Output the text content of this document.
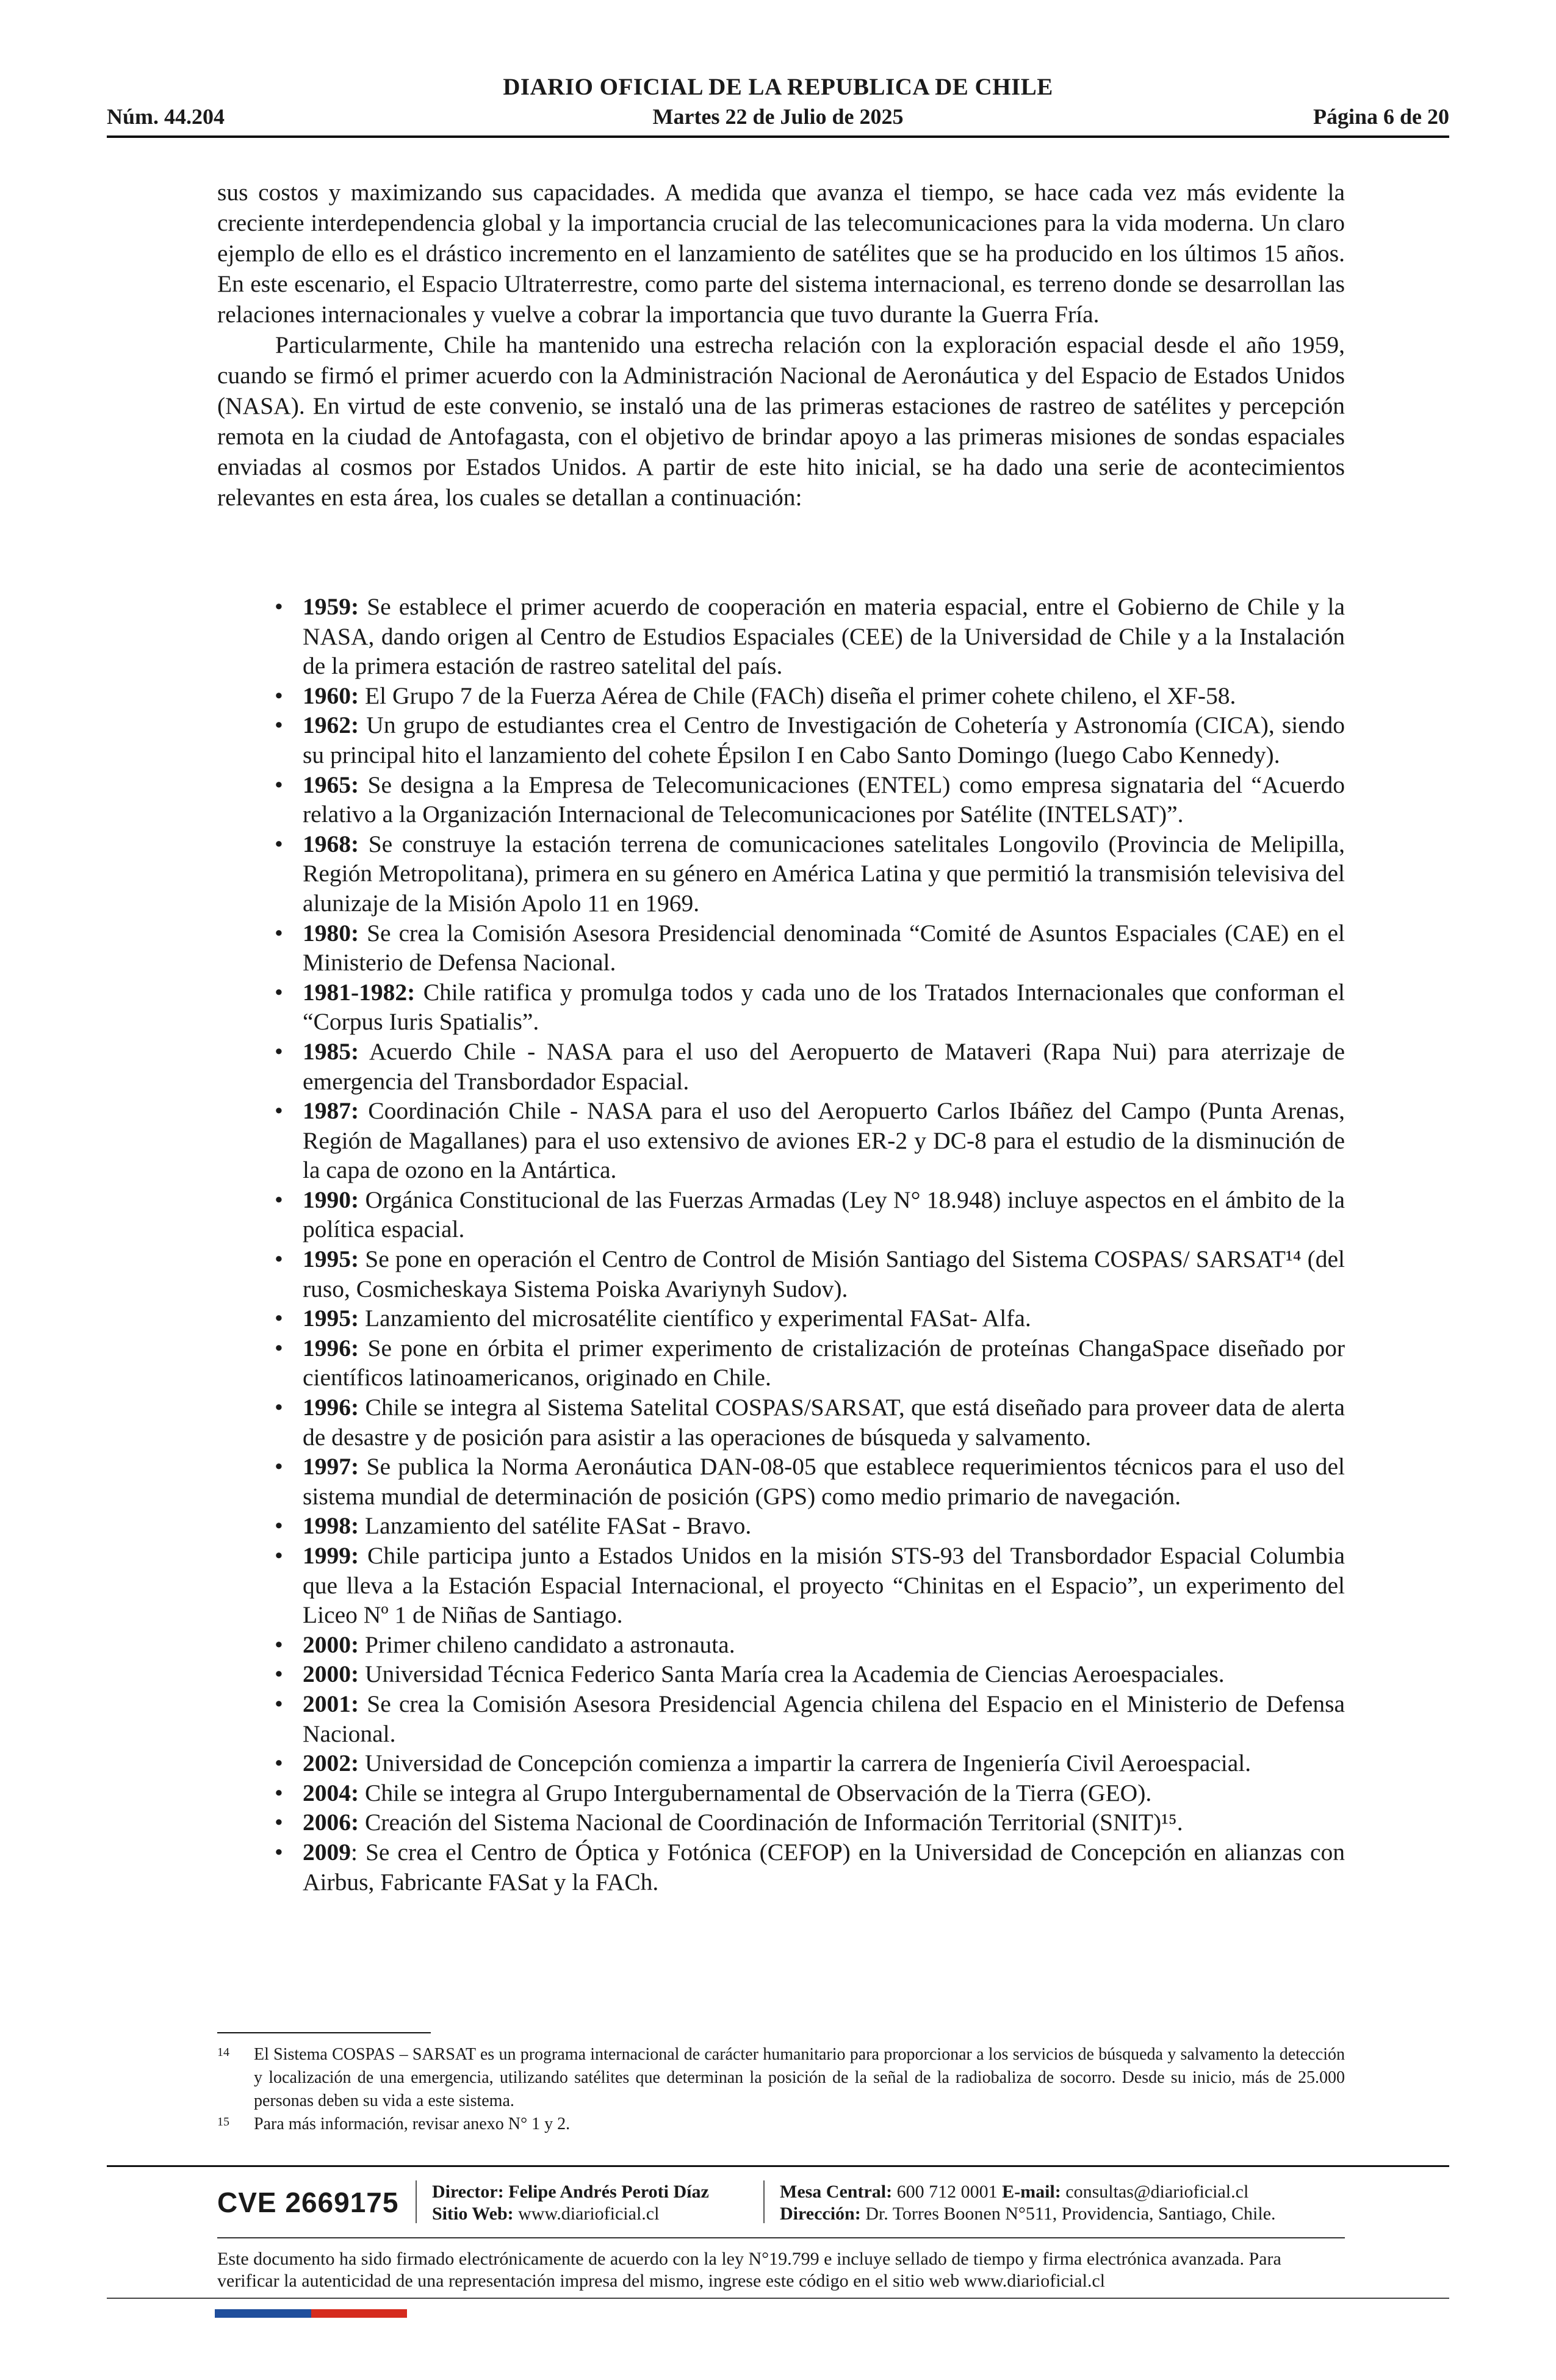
DIARIO OFICIAL DE LA REPUBLICA DE CHILE
Núm. 44.204	Martes 22 de Julio de 2025	Página 6 de 20

sus costos y maximizando sus capacidades. A medida que avanza el tiempo, se hace cada vez más evidente la creciente interdependencia global y la importancia crucial de las telecomunicaciones para la vida moderna. Un claro ejemplo de ello es el drástico incremento en el lanzamiento de satélites que se ha producido en los últimos 15 años. En este escenario, el Espacio Ultraterrestre, como parte del sistema internacional, es terreno donde se desarrollan las relaciones internacionales y vuelve a cobrar la importancia que tuvo durante la Guerra Fría.

Particularmente, Chile ha mantenido una estrecha relación con la exploración espacial desde el año 1959, cuando se firmó el primer acuerdo con la Administración Nacional de Aeronáutica y del Espacio de Estados Unidos (NASA). En virtud de este convenio, se instaló una de las primeras estaciones de rastreo de satélites y percepción remota en la ciudad de Antofagasta, con el objetivo de brindar apoyo a las primeras misiones de sondas espaciales enviadas al cosmos por Estados Unidos. A partir de este hito inicial, se ha dado una serie de acontecimientos relevantes en esta área, los cuales se detallan a continuación:

• 1959: Se establece el primer acuerdo de cooperación en materia espacial, entre el Gobierno de Chile y la NASA, dando origen al Centro de Estudios Espaciales (CEE) de la Universidad de Chile y a la Instalación de la primera estación de rastreo satelital del país.
• 1960: El Grupo 7 de la Fuerza Aérea de Chile (FACh) diseña el primer cohete chileno, el XF-58.
• 1962: Un grupo de estudiantes crea el Centro de Investigación de Cohetería y Astronomía (CICA), siendo su principal hito el lanzamiento del cohete Épsilon I en Cabo Santo Domingo (luego Cabo Kennedy).
• 1965: Se designa a la Empresa de Telecomunicaciones (ENTEL) como empresa signataria del “Acuerdo relativo a la Organización Internacional de Telecomunicaciones por Satélite (INTELSAT)”.
• 1968: Se construye la estación terrena de comunicaciones satelitales Longovilo (Provincia de Melipilla, Región Metropolitana), primera en su género en América Latina y que permitió la transmisión televisiva del alunizaje de la Misión Apolo 11 en 1969.
• 1980: Se crea la Comisión Asesora Presidencial denominada “Comité de Asuntos Espaciales (CAE) en el Ministerio de Defensa Nacional.
• 1981-1982: Chile ratifica y promulga todos y cada uno de los Tratados Internacionales que conforman el “Corpus Iuris Spatialis”.
• 1985: Acuerdo Chile - NASA para el uso del Aeropuerto de Mataveri (Rapa Nui) para aterrizaje de emergencia del Transbordador Espacial.
• 1987: Coordinación Chile - NASA para el uso del Aeropuerto Carlos Ibáñez del Campo (Punta Arenas, Región de Magallanes) para el uso extensivo de aviones ER-2 y DC-8 para el estudio de la disminución de la capa de ozono en la Antártica.
• 1990: Orgánica Constitucional de las Fuerzas Armadas (Ley N° 18.948) incluye aspectos en el ámbito de la política espacial.
• 1995: Se pone en operación el Centro de Control de Misión Santiago del Sistema COSPAS/ SARSAT¹⁴ (del ruso, Cosmicheskaya Sistema Poiska Avariynyh Sudov).
• 1995: Lanzamiento del microsatélite científico y experimental FASat- Alfa.
• 1996: Se pone en órbita el primer experimento de cristalización de proteínas ChangaSpace diseñado por científicos latinoamericanos, originado en Chile.
• 1996: Chile se integra al Sistema Satelital COSPAS/SARSAT, que está diseñado para proveer data de alerta de desastre y de posición para asistir a las operaciones de búsqueda y salvamento.
• 1997: Se publica la Norma Aeronáutica DAN-08-05 que establece requerimientos técnicos para el uso del sistema mundial de determinación de posición (GPS) como medio primario de navegación.
• 1998: Lanzamiento del satélite FASat - Bravo.
• 1999: Chile participa junto a Estados Unidos en la misión STS-93 del Transbordador Espacial Columbia que lleva a la Estación Espacial Internacional, el proyecto “Chinitas en el Espacio”, un experimento del Liceo Nº 1 de Niñas de Santiago.
• 2000: Primer chileno candidato a astronauta.
• 2000: Universidad Técnica Federico Santa María crea la Academia de Ciencias Aeroespaciales.
• 2001: Se crea la Comisión Asesora Presidencial Agencia chilena del Espacio en el Ministerio de Defensa Nacional.
• 2002: Universidad de Concepción comienza a impartir la carrera de Ingeniería Civil Aeroespacial.
• 2004: Chile se integra al Grupo Intergubernamental de Observación de la Tierra (GEO).
• 2006: Creación del Sistema Nacional de Coordinación de Información Territorial (SNIT)¹⁵.
• 2009: Se crea el Centro de Óptica y Fotónica (CEFOP) en la Universidad de Concepción en alianzas con Airbus, Fabricante FASat y la FACh.
14 El Sistema COSPAS – SARSAT es un programa internacional de carácter humanitario para proporcionar a los servicios de búsqueda y salvamento la detección y localización de una emergencia, utilizando satélites que determinan la posición de la señal de la radiobaliza de socorro. Desde su inicio, más de 25.000 personas deben su vida a este sistema.
15 Para más información, revisar anexo N° 1 y 2.
CVE 2669175 Director: Felipe Andrés Peroti Díaz
Sitio Web: www.diarioficial.cl
Mesa Central: 600 712 0001 E-mail: consultas@diarioficial.cl
Dirección: Dr. Torres Boonen N°511, Providencia, Santiago, Chile.
Este documento ha sido firmado electrónicamente de acuerdo con la ley N°19.799 e incluye sellado de tiempo y firma electrónica avanzada. Para verificar la autenticidad de una representación impresa del mismo, ingrese este código en el sitio web www.diarioficial.cl
